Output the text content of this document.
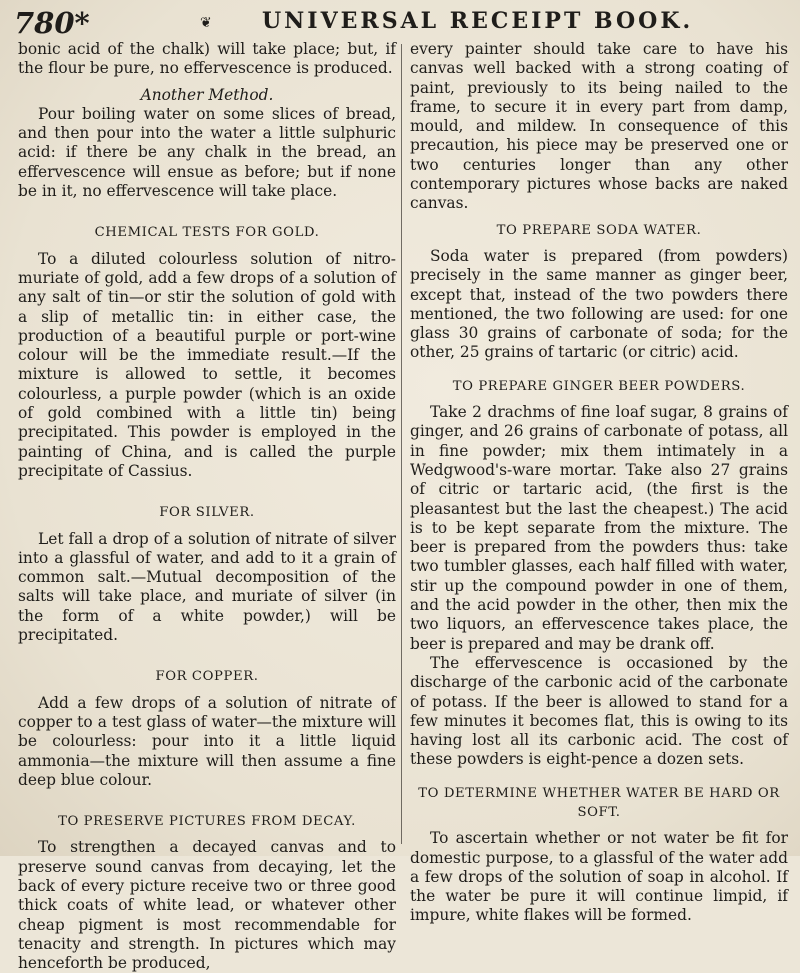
780*	❦ UNIVERSAL RECEIPT BOOK.

bonic acid of the chalk) will take place; but, if the flour be pure, no effervescence is produced.

Another Method.

Pour boiling water on some slices of bread, and then pour into the water a little sulphuric acid: if there be any chalk in the bread, an effervescence will ensue as before; but if none be in it, no effervescence will take place.

CHEMICAL TESTS FOR GOLD.

To a diluted colourless solution of nitro-muriate of gold, add a few drops of a solution of any salt of tin—or stir the solution of gold with a slip of metallic tin: in either case, the production of a beautiful purple or port-wine colour will be the immediate result.—If the mixture is allowed to settle, it becomes colourless, a purple powder (which is an oxide of gold combined with a little tin) being precipitated. This powder is employed in the painting of China, and is called the purple precipitate of Cassius.

FOR SILVER.

Let fall a drop of a solution of nitrate of silver into a glassful of water, and add to it a grain of common salt.—Mutual decomposition of the salts will take place, and muriate of silver (in the form of a white powder,) will be precipitated.

FOR COPPER.

Add a few drops of a solution of nitrate of copper to a test glass of water—the mixture will be colourless: pour into it a little liquid ammonia—the mixture will then assume a fine deep blue colour.

TO PRESERVE PICTURES FROM DECAY.

To strengthen a decayed canvas and to preserve sound canvas from decaying, let the back of every picture receive two or three good thick coats of white lead, or whatever other cheap pigment is most recommendable for tenacity and strength. In pictures which may henceforth be produced,

every painter should take care to have his canvas well backed with a strong coating of paint, previously to its being nailed to the frame, to secure it in every part from damp, mould, and mildew. In consequence of this precaution, his piece may be preserved one or two centuries longer than any other contemporary pictures whose backs are naked canvas.

TO PREPARE SODA WATER.

Soda water is prepared (from powders) precisely in the same manner as ginger beer, except that, instead of the two powders there mentioned, the two following are used: for one glass 30 grains of carbonate of soda; for the other, 25 grains of tartaric (or citric) acid.

TO PREPARE GINGER BEER POWDERS.

Take 2 drachms of fine loaf sugar, 8 grains of ginger, and 26 grains of carbonate of potass, all in fine powder; mix them intimately in a Wedgwood's-ware mortar. Take also 27 grains of citric or tartaric acid, (the first is the pleasantest but the last the cheapest.) The acid is to be kept separate from the mixture. The beer is prepared from the powders thus: take two tumbler glasses, each half filled with water, stir up the compound powder in one of them, and the acid powder in the other, then mix the two liquors, an effervescence takes place, the beer is prepared and may be drank off.

The effervescence is occasioned by the discharge of the carbonic acid of the carbonate of potass. If the beer is allowed to stand for a few minutes it becomes flat, this is owing to its having lost all its carbonic acid. The cost of these powders is eight-pence a dozen sets.

TO DETERMINE WHETHER WATER BE HARD OR SOFT.

To ascertain whether or not water be fit for domestic purpose, to a glassful of the water add a few drops of the solution of soap in alcohol. If the water be pure it will continue limpid, if impure, white flakes will be formed.
